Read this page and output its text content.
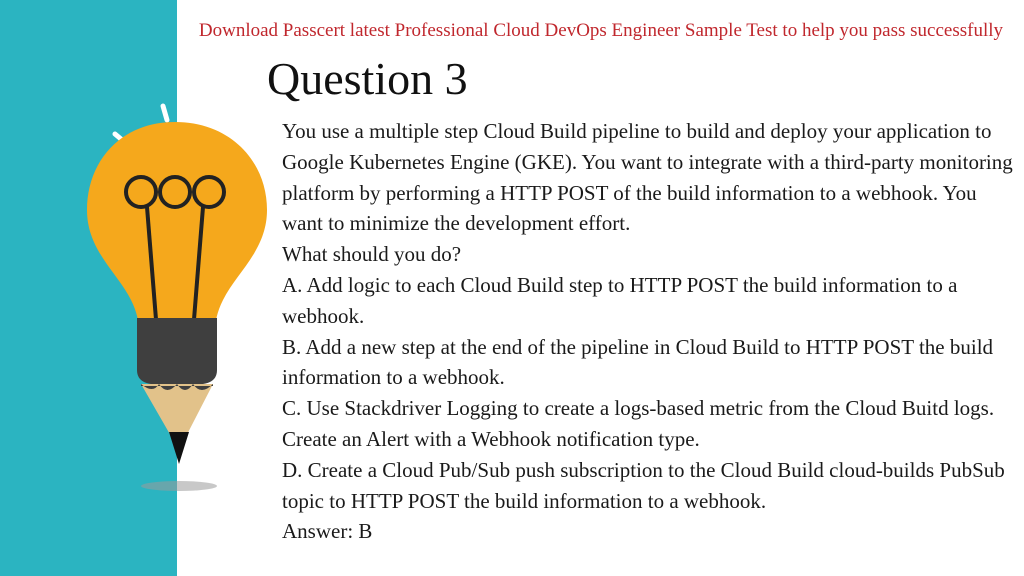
Download Passcert latest Professional Cloud DevOps Engineer Sample Test to help you pass successfully
Question 3

You use a multiple step Cloud Build pipeline to build and deploy your application to Google Kubernetes Engine (GKE). You want to integrate with a third-party monitoring platform by performing a HTTP POST of the build information to a webhook. You want to minimize the development effort.

What should you do?

A. Add logic to each Cloud Build step to HTTP POST the build information to a webhook.

B. Add a new step at the end of the pipeline in Cloud Build to HTTP POST the build information to a webhook.

C. Use Stackdriver Logging to create a logs-based metric from the Cloud Buitd logs. Create an Alert with a Webhook notification type.

D. Create a Cloud Pub/Sub push subscription to the Cloud Build cloud-builds PubSub topic to HTTP POST the build information to a webhook.

Answer: B
